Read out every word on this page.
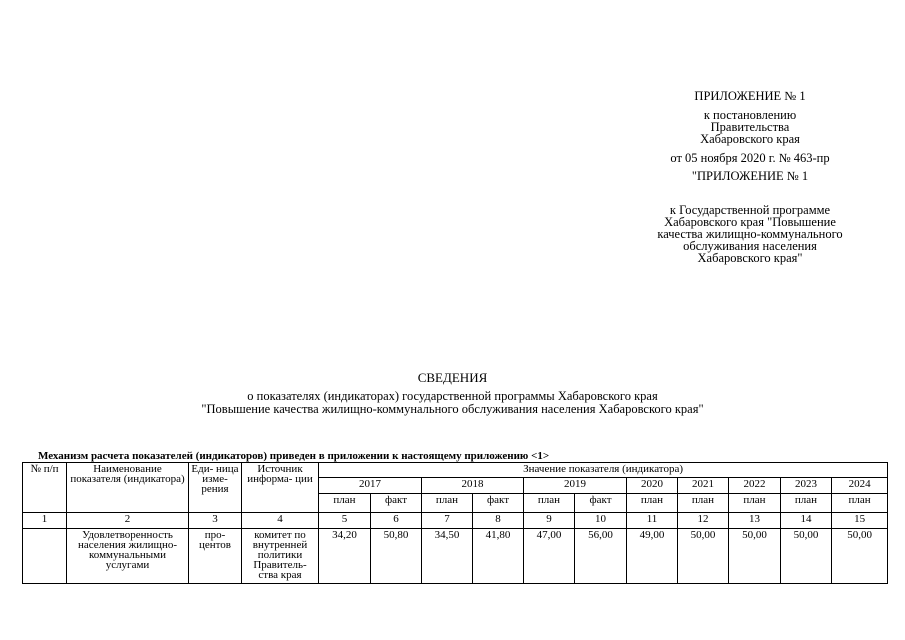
ПРИЛОЖЕНИЕ № 1
к постановлению
Правительства
Хабаровского края
от 05 ноября 2020 г. № 463-пр
"ПРИЛОЖЕНИЕ № 1
к Государственной программе
Хабаровского края "Повышение
качества жилищно-коммунального
обслуживания населения
Хабаровского края"
СВЕДЕНИЯ
о показателях (индикаторах) государственной программы Хабаровского края
"Повышение качества жилищно-коммунального обслуживания населения Хабаровского края"
Механизм расчета показателей (индикаторов) приведен в приложении к настоящему приложению <1>
№ п/п	Наименование показателя (индикатора)	Еди- ница изме- рения	Источник информа- ции	Значение показателя (индикатора)										
				2017		2018		2019		2020	2021	2022	2023	2024
				план	факт	план	факт	план	факт	план	план	план	план	план
1	2	3	4	5	6	7	8	9	10	11	12	13	14	15
	Удовлетворенность населения жилищно-коммунальными услугами	про-центов	комитет по внутренней политики Правитель-ства края	34,20	50,80	34,50	41,80	47,00	56,00	49,00	50,00	50,00	50,00	50,00
